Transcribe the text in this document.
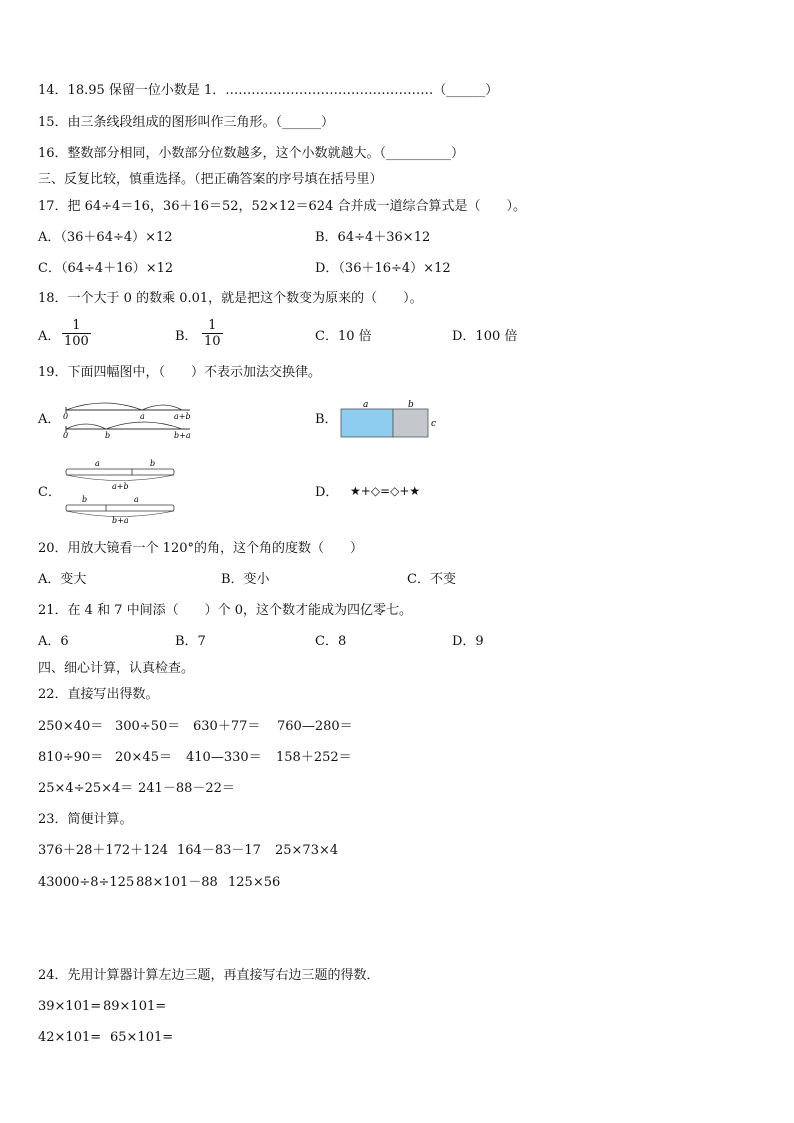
14．18.95 保留一位小数是 1．…………………………………………（______）
15．由三条线段组成的图形叫作三角形。（______）
16．整数部分相同，小数部分位数越多，这个小数就越大。（__________）
三、反复比较，慎重选择。（把正确答案的序号填在括号里）
17．把 64÷4＝16，36＋16＝52，52×12＝624 合并成一道综合算式是（　　）。
A．（36＋64÷4）×12	B．64÷4＋36×12
C．（64÷4＋16）×12	D．（36＋16÷4）×12
18．一个大于 0 的数乘 0.01，就是把这个数变为原来的（　　）。
A．
1
100	B．
1
10	C．10 倍	D．100 倍
19．下面四幅图中，（　　）不表示加法交换律。
A． 0	a	a+b
0	b	b+a
B．
a	b
c
C．
a	b
a+b
b	a
b+a
D． ★+◇=◇+★
20．用放大镜看一个 120°的角，这个角的度数（　　）
A．变大	B．变小	C．不变
21．在 4 和 7 中间添（　　）个 0，这个数才能成为四亿零七。
A．6	B．7	C．8	D．9
四、细心计算，认真检查。
22．直接写出得数。
250×40＝ 300÷50＝ 630＋77＝ 760—280＝
810÷90＝ 20×45＝ 410—330＝ 158＋252＝
25×4÷25×4＝ 241－88－22＝
23．简便计算。
376＋28＋172＋124 164－83－17 25×73×4
43000÷8÷125 88×101－88 125×56
24．先用计算器计算左边三题，再直接写右边三题的得数．
39×101= 89×101=
42×101= 65×101=
